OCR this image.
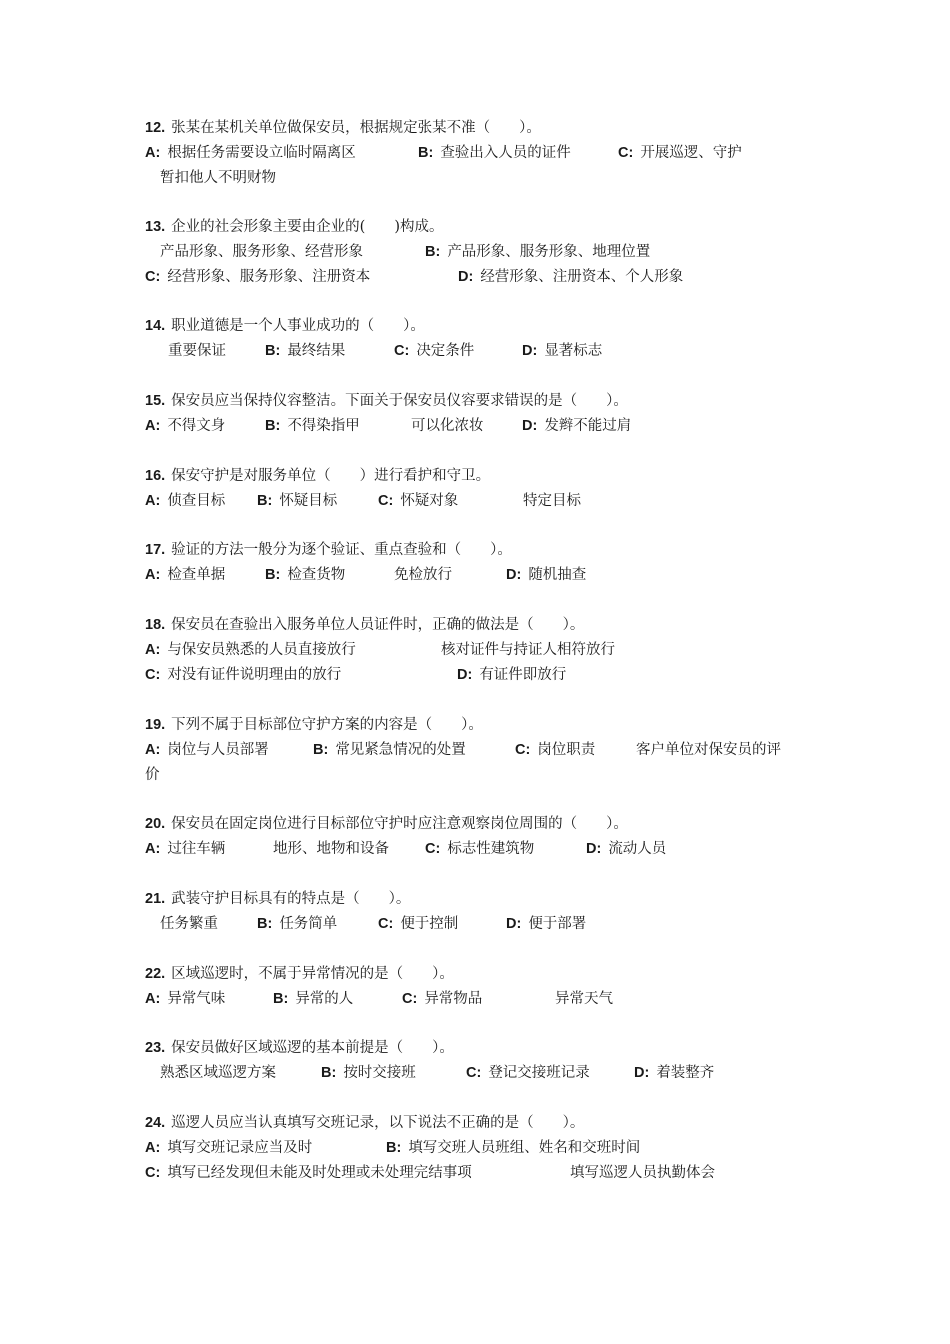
12. 张某在某机关单位做保安员，根据规定张某不准（　　）。
A: 根据任务需要设立临时隔离区	B: 查验出入人员的证件	C: 开展巡逻、守护
暂扣他人不明财物
13. 企业的社会形象主要由企业的(　　)构成。
产品形象、服务形象、经营形象	B: 产品形象、服务形象、地理位置
C: 经营形象、服务形象、注册资本	D: 经营形象、注册资本、个人形象
14. 职业道德是一个人事业成功的（　　）。
重要保证	B: 最终结果	C: 决定条件	D: 显著标志
15. 保安员应当保持仪容整洁。下面关于保安员仪容要求错误的是（　　）。
A: 不得文身	B: 不得染指甲	可以化浓妆	D: 发辫不能过肩
16. 保安守护是对服务单位（　　）进行看护和守卫。
A: 侦查目标 B: 怀疑目标	C: 怀疑对象	特定目标
17. 验证的方法一般分为逐个验证、重点查验和（　　）。
A: 检查单据	B: 检查货物	免检放行	D: 随机抽查
18. 保安员在查验出入服务单位人员证件时，正确的做法是（　　）。
A: 与保安员熟悉的人员直接放行	核对证件与持证人相符放行
C: 对没有证件说明理由的放行	D: 有证件即放行
19. 下列不属于目标部位守护方案的内容是（　　）。
A: 岗位与人员部署	B: 常见紧急情况的处置	C: 岗位职责	客户单位对保安员的评
价
20. 保安员在固定岗位进行目标部位守护时应注意观察岗位周围的（　　）。
A: 过往车辆	地形、地物和设备 C: 标志性建筑物	D: 流动人员
21. 武装守护目标具有的特点是（　　）。
任务繁重	B: 任务简单	C: 便于控制	D: 便于部署
22. 区域巡逻时，不属于异常情况的是（　　）。
A: 异常气味	B: 异常的人	C: 异常物品	异常天气
23. 保安员做好区域巡逻的基本前提是（　　）。
熟悉区域巡逻方案	B: 按时交接班	C: 登记交接班记录	D: 着装整齐
24. 巡逻人员应当认真填写交班记录，以下说法不正确的是（　　）。
A: 填写交班记录应当及时	B: 填写交班人员班组、姓名和交班时间
C: 填写已经发现但未能及时处理或未处理完结事项	填写巡逻人员执勤体会
